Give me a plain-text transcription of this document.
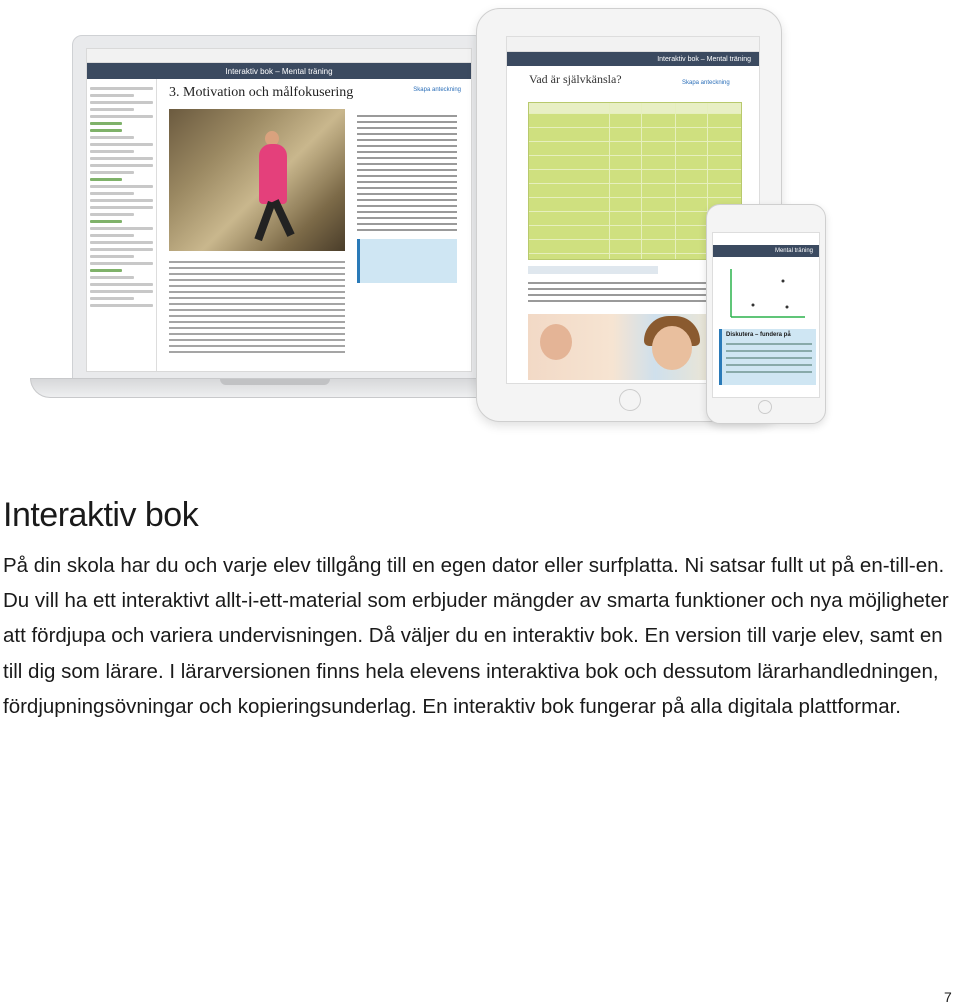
Interaktiv bok – Mental träning
3. Motivation och målfokusering	Skapa anteckning
Interaktiv bok – Mental träning
Vad är självkänsla?	Skapa anteckning
Mental träning
Diskutera – fundera på
Interaktiv bok

På din skola har du och varje elev tillgång till en egen dator eller surfplatta. Ni satsar fullt ut på en-till-en. Du vill ha ett interaktivt allt-i-ett-material som erbjuder mängder av smarta funktioner och nya möjligheter att fördjupa och variera undervisningen. Då väljer du en interaktiv bok. En version till varje elev, samt en till dig som lärare. I lärarversionen finns hela elevens interaktiva bok och dessutom lärarhandledningen, fördjupningsövningar och kopieringsunderlag. En interaktiv bok fungerar på alla digitala plattformar.

7
